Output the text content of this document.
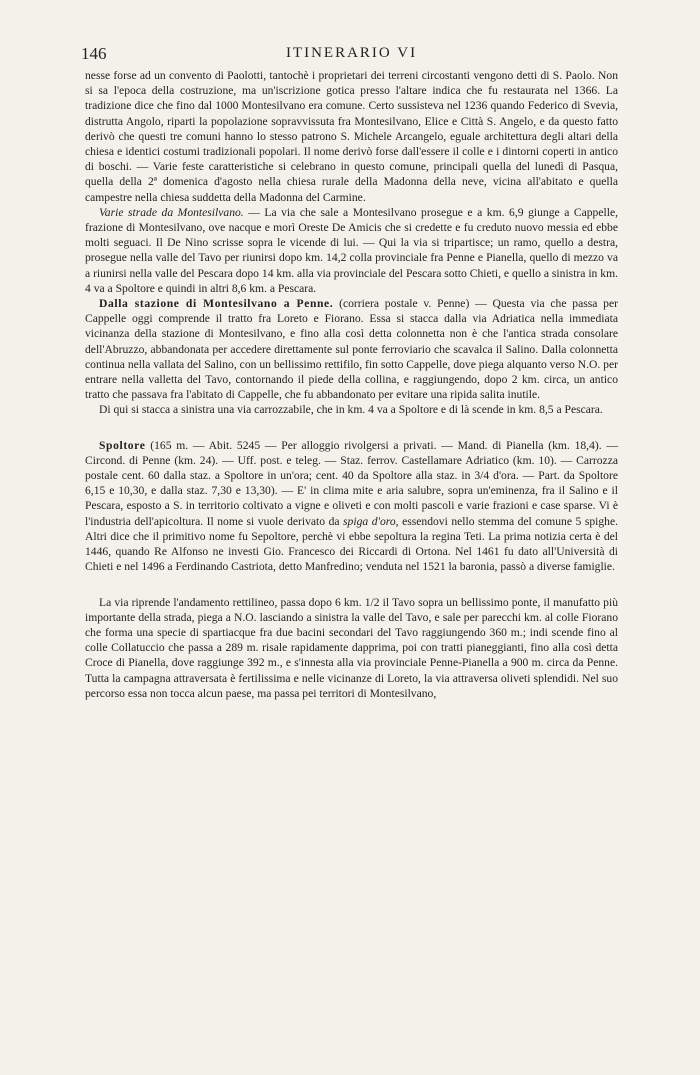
146	ITINERARIO VI

nesse forse ad un convento di Paolotti, tantochè i proprietari dei terreni circostanti vengono detti di S. Paolo. Non si sa l'epoca della costruzione, ma un'iscrizione gotica presso l'altare indica che fu restaurata nel 1366. La tradizione dice che fino dal 1000 Montesilvano era comune. Certo sussisteva nel 1236 quando Federico di Svevia, distrutta Angolo, riparti la popolazione sopravvissuta fra Montesilvano, Elice e Città S. Angelo, e da questo fatto derivò che questi tre comuni hanno lo stesso patrono S. Michele Arcangelo, eguale architettura degli altari della chiesa e identici costumi tradizionali popolari. Il nome derivò forse dall'essere il colle e i dintorni coperti in antico di boschi. — Varie feste caratteristiche si celebrano in questo comune, principali quella del lunedì di Pasqua, quella della 2ª domenica d'agosto nella chiesa rurale della Madonna della neve, vicina all'abitato e quella campestre nella chiesa suddetta della Madonna del Carmine.

Varie strade da Montesilvano. — La via che sale a Montesilvano prosegue e a km. 6,9 giunge a Cappelle, frazione di Montesilvano, ove nacque e morì Oreste De Amicis che si credette e fu creduto nuovo messia ed ebbe molti seguaci. Il De Nino scrisse sopra le vicende di lui. — Qui la via si tripartisce; un ramo, quello a destra, prosegue nella valle del Tavo per riunirsi dopo km. 14,2 colla provinciale fra Penne e Pianella, quello di mezzo va a riunirsi nella valle del Pescara dopo 14 km. alla via provinciale del Pescara sotto Chieti, e quello a sinistra in km. 4 va a Spoltore e quindi in altri 8,6 km. a Pescara.

Dalla stazione di Montesilvano a Penne. (corriera postale v. Penne) — Questa via che passa per Cappelle oggi comprende il tratto fra Loreto e Fiorano. Essa si stacca dalla via Adriatica nella immediata vicinanza della stazione di Montesilvano, e fino alla così detta colonnetta non è che l'antica strada consolare dell'Abruzzo, abbandonata per accedere direttamente sul ponte ferroviario che scavalca il Salino. Dalla colonnetta continua nella vallata del Salino, con un bellissimo rettifilo, fin sotto Cappelle, dove piega alquanto verso N.O. per entrare nella valletta del Tavo, contornando il piede della collina, e raggiungendo, dopo 2 km. circa, un antico tratto che passava fra l'abitato di Cappelle, che fu abbandonato per evitare una ripida salita inutile.

Di qui si stacca a sinistra una via carrozzabile, che in km. 4 va a Spoltore e di là scende in km. 8,5 a Pescara.

Spoltore (165 m. — Abit. 5245 — Per alloggio rivolgersi a privati. — Mand. di Pianella (km. 18,4). — Circond. di Penne (km. 24). — Uff. post. e teleg. — Staz. ferrov. Castellamare Adriatico (km. 10). — Carrozza postale cent. 60 dalla staz. a Spoltore in un'ora; cent. 40 da Spoltore alla staz. in 3/4 d'ora. — Part. da Spoltore 6,15 e 10,30, e dalla staz. 7,30 e 13,30). — E' in clima mite e aria salubre, sopra un'eminenza, fra il Salino e il Pescara, esposto a S. in territorio coltivato a vigne e oliveti e con molti pascoli e varie frazioni e case sparse. Vi è l'industria dell'apicoltura. Il nome si vuole derivato da spiga d'oro, essendovi nello stemma del comune 5 spighe. Altri dice che il primitivo nome fu Sepoltore, perchè vi ebbe sepoltura la regina Teti. La prima notizia certa è del 1446, quando Re Alfonso ne investi Gio. Francesco dei Riccardi di Ortona. Nel 1461 fu dato all'Università di Chieti e nel 1496 a Ferdinando Castriota, detto Manfredino; venduta nel 1521 la baronia, passò a diverse famiglie.

La via riprende l'andamento rettilineo, passa dopo 6 km. 1/2 il Tavo sopra un bellissimo ponte, il manufatto più importante della strada, piega a N.O. lasciando a sinistra la valle del Tavo, e sale per parecchi km. al colle Fiorano che forma una specie di spartiacque fra due bacini secondari del Tavo raggiungendo 360 m.; indi scende fino al colle Collatuccio che passa a 289 m. risale rapidamente dapprima, poi con tratti pianeggianti, fino alla così detta Croce di Pianella, dove raggiunge 392 m., e s'innesta alla via provinciale Penne-Pianella a 900 m. circa da Penne. Tutta la campagna attraversata è fertilissima e nelle vicinanze di Loreto, la via attraversa oliveti splendidi. Nel suo percorso essa non tocca alcun paese, ma passa pei territori di Montesilvano,
